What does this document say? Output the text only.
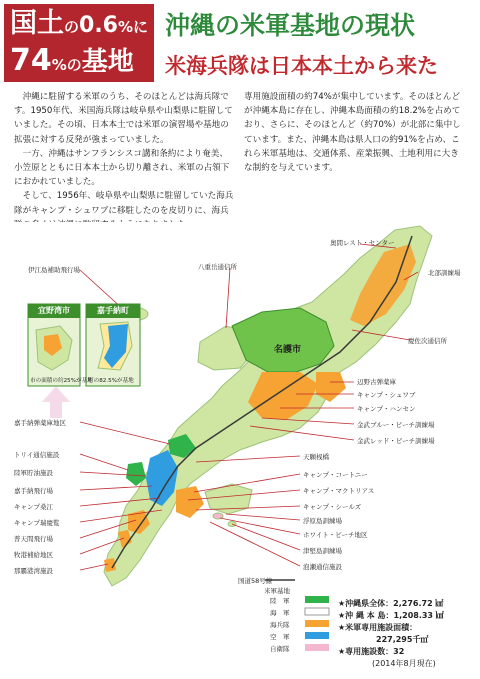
国土の0.6%に
74%の基地
沖縄の米軍基地の現状
米海兵隊は日本本土から来た

沖縄に駐留する米軍のうち、そのほとんどは海兵隊です。1950年代、米国海兵隊は岐阜県や山梨県に駐留していました。その頃、日本本土では米軍の演習場や基地の拡張に対する反発が強まっていました。

一方、沖縄はサンフランシスコ講和条約により奄美、小笠原とともに日本本土から切り離され、米軍の占領下におかれていました。

そして、1956年、岐阜県や山梨県に駐留していた海兵隊がキャンプ・シュワブに移駐したのを皮切りに、海兵

専用施設面積の約74%が集中しています。そのほとんどが沖縄本島に存在し、沖縄本島面積の約18.2%を占めており、さらに、そのほとんど（約70%）が北部に集中しています。また、沖縄本島は県人口の約91%を占め、これら米軍基地は、交通体系、産業振興、土地利用に大きな制約を与えています。

奥間レスト・センター
八重岳通信所
北部訓練場
慶佐次通信所
伊江島補助飛行場
宜野湾市	嘉手納町
市の面積の約25%が基地
町の82.5%が基地
嘉手納弾薬庫地区
トリイ通信施設
陸軍貯油施設
嘉手納飛行場
キャンプ桑江
キャンプ瑞慶覧
普天間飛行場
牧港補給地区
那覇港湾施設
辺野古弾薬庫
キャンプ・シュワブ
キャンプ・ハンセン
金武ブルー・ビーチ訓練場
金武レッド・ビーチ訓練場
天願桟橋
キャンプ・コートニー
キャンプ・マクトリアス
キャンプ・シールズ
浮原島訓練場
ホワイト・ビーチ地区
津堅島訓練場
泡瀬通信施設
名護市
国道58号線
米軍基地
陸　軍
海　軍
海兵隊
空　軍
自衛隊
★沖縄県全体：2,276.72 ㎢
★沖 縄 本 島：1,208.33 ㎢
★米軍専用施設面積：
227,295千㎡
★専用施設数：32
(2014年8月現在)
